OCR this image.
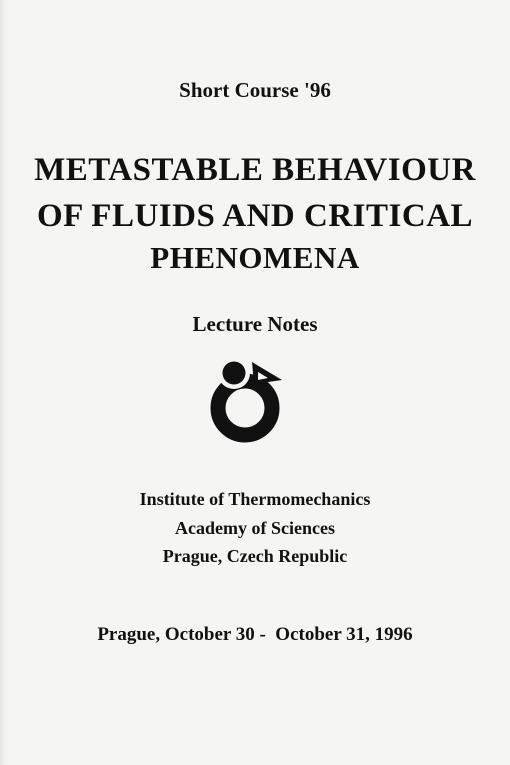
Short Course '96
METASTABLE BEHAVIOUR
OF FLUIDS AND CRITICAL
PHENOMENA
Lecture Notes
Institute of Thermomechanics
Academy of Sciences
Prague, Czech Republic
Prague, October 30 -  October 31, 1996
